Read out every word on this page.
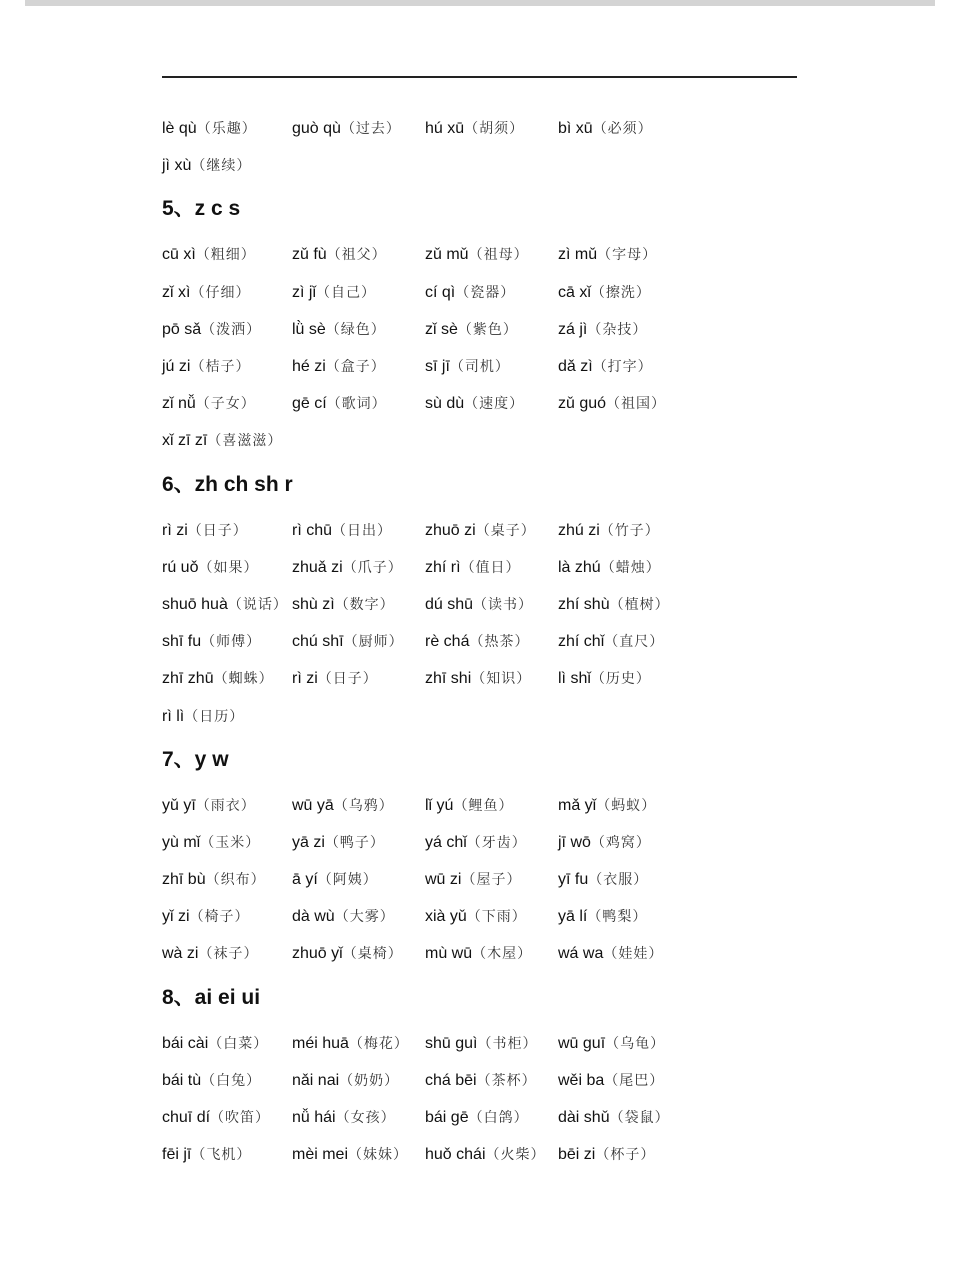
lè qù（乐趣）	guò qù（过去）	hú xū（胡须）	bì xū（必须）
jì xù（继续）
5、z c s
cū xì（粗细）	zǔ fù（祖父）	zǔ mǔ（祖母）	zì mǔ（字母）
zǐ xì（仔细）	zì jǐ（自己）	cí qì（瓷器）	cā xǐ（擦洗）
pō sǎ（泼洒）	lǜ sè（绿色）	zǐ sè（紫色）	zá jì（杂技）
jú zi（桔子）	hé zi（盒子）	sī jī（司机）	dǎ zì（打字）
zǐ nǚ（子女）	gē cí（歌词）	sù dù（速度）	zǔ guó（祖国）
xǐ zī zī（喜滋滋）
6、zh ch sh r
rì zi（日子）	rì chū（日出）	zhuō zi（桌子）	zhú zi（竹子）
rú uǒ（如果）	zhuǎ zi（爪子）	zhí rì（值日）	là zhú（蜡烛）
shuō huà（说话） shù zì（数字）	dú shū（读书）	zhí shù（植树）
shī fu（师傅）	chú shī（厨师）	rè chá（热茶）	zhí chǐ（直尺）
zhī zhū（蜘蛛）	rì zi（日子）	zhī shi（知识）	lì shǐ（历史）
rì lì（日历）
7、y w
yǔ yī（雨衣）	wū yā（乌鸦）	lǐ yú（鲤鱼）	mǎ yǐ（蚂蚁）
yù mǐ（玉米）	yā zi（鸭子）	yá chǐ（牙齿）	jī wō（鸡窝）
zhī bù（织布）	ā yí（阿姨）	wū zi（屋子）	yī fu（衣服）
yǐ zi（椅子）	dà wù（大雾）	xià yǔ（下雨）	yā lí（鸭梨）
wà zi（袜子）	zhuō yǐ（桌椅）	mù wū（木屋）	wá wa（娃娃）
8、ai ei ui
bái cài（白菜）	méi huā（梅花）	shū guì（书柜）	wū guī（乌龟）
bái tù（白兔）	nǎi nai（奶奶）	chá bēi（茶杯）	wěi ba（尾巴）
chuī dí（吹笛）	nǚ hái（女孩）	bái gē（白鸽）	dài shǔ（袋鼠）
fēi jī（飞机）	mèi mei（妹妹）	huǒ chái（火柴） bēi zi（杯子）
